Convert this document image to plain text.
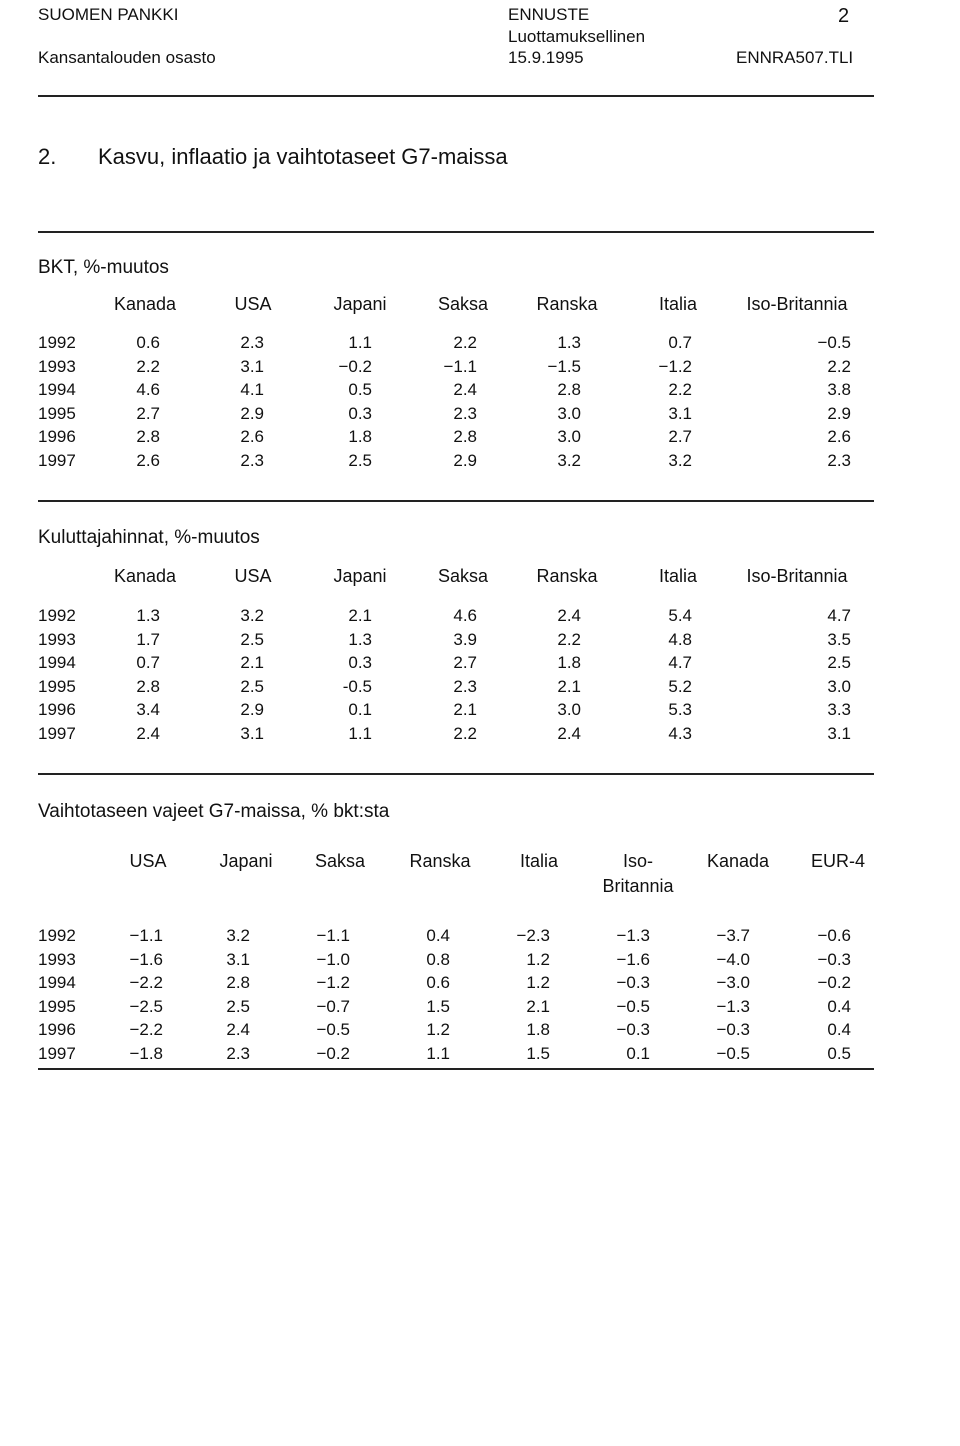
SUOMEN PANKKI
Kansantalouden osasto
ENNUSTE
Luottamuksellinen
15.9.1995
2
ENNRA507.TLI
2. Kasvu, inflaatio ja vaihtotaseet G7-maissa
BKT, %-muutos
Kanada	USA	Japani	Saksa	Ranska	Italia	Iso-Britannia
1992	0.6	2.3	1.1	2.2	1.3	0.7	−0.5
1993	2.2	3.1	−0.2	−1.1	−1.5	−1.2	2.2
1994	4.6	4.1	0.5	2.4	2.8	2.2	3.8
1995	2.7	2.9	0.3	2.3	3.0	3.1	2.9
1996	2.8	2.6	1.8	2.8	3.0	2.7	2.6
1997	2.6	2.3	2.5	2.9	3.2	3.2	2.3
Kuluttajahinnat, %-muutos
Kanada	USA	Japani	Saksa	Ranska	Italia	Iso-Britannia
1992	1.3	3.2	2.1	4.6	2.4	5.4	4.7
1993	1.7	2.5	1.3	3.9	2.2	4.8	3.5
1994	0.7	2.1	0.3	2.7	1.8	4.7	2.5
1995	2.8	2.5	-0.5	2.3	2.1	5.2	3.0
1996	3.4	2.9	0.1	2.1	3.0	5.3	3.3
1997	2.4	3.1	1.1	2.2	2.4	4.3	3.1
Vaihtotaseen vajeet G7-maissa, % bkt:sta
USA	Japani	Saksa	Ranska	Italia	Iso-
Britannia
Kanada	EUR-4
1992	−1.1	3.2	−1.1	0.4	−2.3	−1.3	−3.7	−0.6
1993	−1.6	3.1	−1.0	0.8	1.2	−1.6	−4.0	−0.3
1994	−2.2	2.8	−1.2	0.6	1.2	−0.3	−3.0	−0.2
1995	−2.5	2.5	−0.7	1.5	2.1	−0.5	−1.3	0.4
1996	−2.2	2.4	−0.5	1.2	1.8	−0.3	−0.3	0.4
1997	−1.8	2.3	−0.2	1.1	1.5	0.1	−0.5	0.5
